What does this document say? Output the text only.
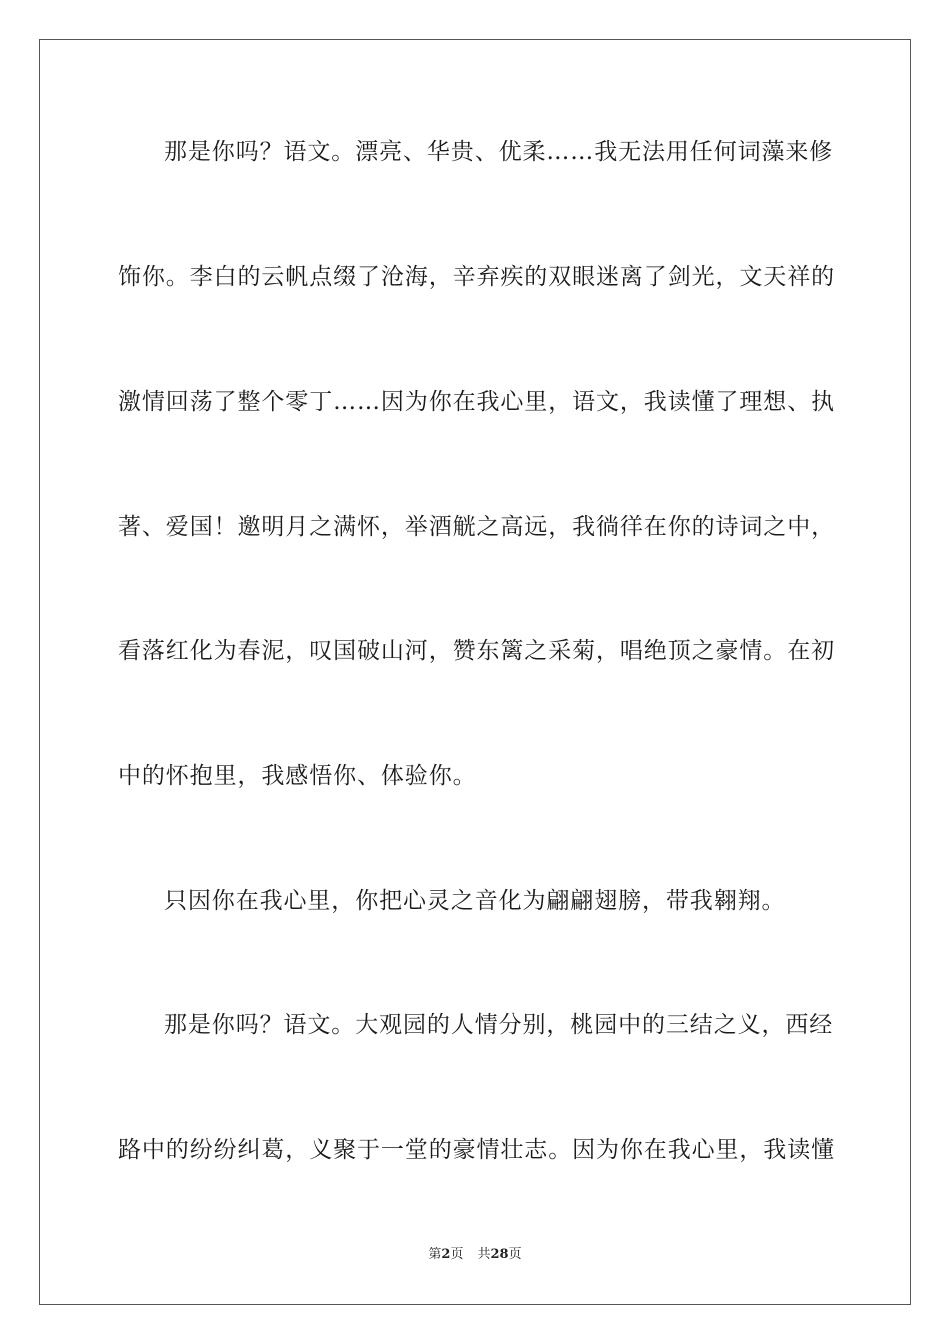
那是你吗？语文。漂亮、华贵、优柔……我无法用任何词藻来修
饰你。李白的云帆点缀了沧海，辛弃疾的双眼迷离了剑光，文天祥的
激情回荡了整个零丁……因为你在我心里，语文，我读懂了理想、执
著、爱国！邀明月之满怀，举酒觥之高远，我徜徉在你的诗词之中，
看落红化为春泥，叹国破山河，赞东篱之采菊，唱绝顶之豪情。在初
中的怀抱里，我感悟你、体验你。
只因你在我心里，你把心灵之音化为翩翩翅膀，带我翱翔。
那是你吗？语文。大观园的人情分别，桃园中的三结之义，西经
路中的纷纷纠葛，义聚于一堂的豪情壮志。因为你在我心里，我读懂
第2页 共28页
